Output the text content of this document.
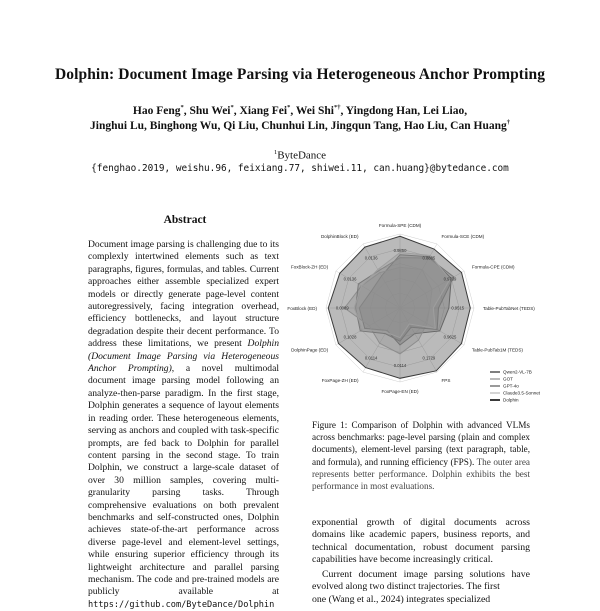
Dolphin: Document Image Parsing via Heterogeneous Anchor Prompting
Hao Feng*, Shu Wei*, Xiang Fei*, Wei Shi*†, Yingdong Han, Lei Liao,
Jinghui Lu, Binghong Wu, Qi Liu, Chunhui Lin, Jingqun Tang, Hao Liu, Can Huang†
$^1$ByteDance
{fenghao.2019, weishu.96, feixiang.77, shiwei.11, can.huang}@bytedance.com
Abstract
Document image parsing is challenging due to its complexly intertwined elements such as text paragraphs, figures, formulas, and tables. Current approaches either assemble specialized expert models or directly generate page-level content autoregressively, facing integration overhead, efficiency bottlenecks, and layout structure degradation despite their decent performance. To address these limitations, we present Dolphin (Document Image Parsing via Heterogeneous Anchor Prompting), a novel multimodal document image parsing model following an analyze-then-parse paradigm. In the first stage, Dolphin generates a sequence of layout elements in reading order. These heterogeneous elements, serving as anchors and coupled with task-specific prompts, are fed back to Dolphin for parallel content parsing in the second stage. To train Dolphin, we construct a large-scale dataset of over 30 million samples, covering multi-granularity parsing tasks. Through comprehensive evaluations on both prevalent benchmarks and self-constructed ones, Dolphin achieves state-of-the-art performance across diverse page-level and element-level settings, while ensuring superior efficiency through its lightweight architecture and parallel parsing mechanism. The code and pre-trained models are publicly available at https://github.com/ByteDance/Dolphin
Formula-SPE (CDM)
Formula-SCE (CDM)
Formula-CPE (CDM)
Table-PubTabNet (TEDS)
Table-PubTab1M (TEDS)
FPS
FoxPage-EN (ED)
FoxPage-ZH (ED)
DolphinPage (ED)
FoxBlock (ED)
FoxBlock-ZH (ED)
DolphinBlock (ED)
0.9850
0.8885
0.9739
0.9515
0.9625
0.1729
0.0114
0.0114
0.1028
0.0089
0.0136
0.0136
Qwen2-VL-7B
GOT
GPT-4o
Claude3.5-Sonnet
Dolphin
Figure 1: Comparison of Dolphin with advanced VLMs across benchmarks: page-level parsing (plain and complex documents), element-level parsing (text paragraph, table, and formula), and running efficiency (FPS). The outer area represents better performance. Dolphin exhibits the best performance in most evaluations.
exponential growth of digital documents across domains like academic papers, business reports, and technical documentation, robust document parsing capabilities have become increasingly critical.
Current document image parsing solutions have evolved along two distinct trajectories. The first
one (Wang et al., 2024) integrates specialized
